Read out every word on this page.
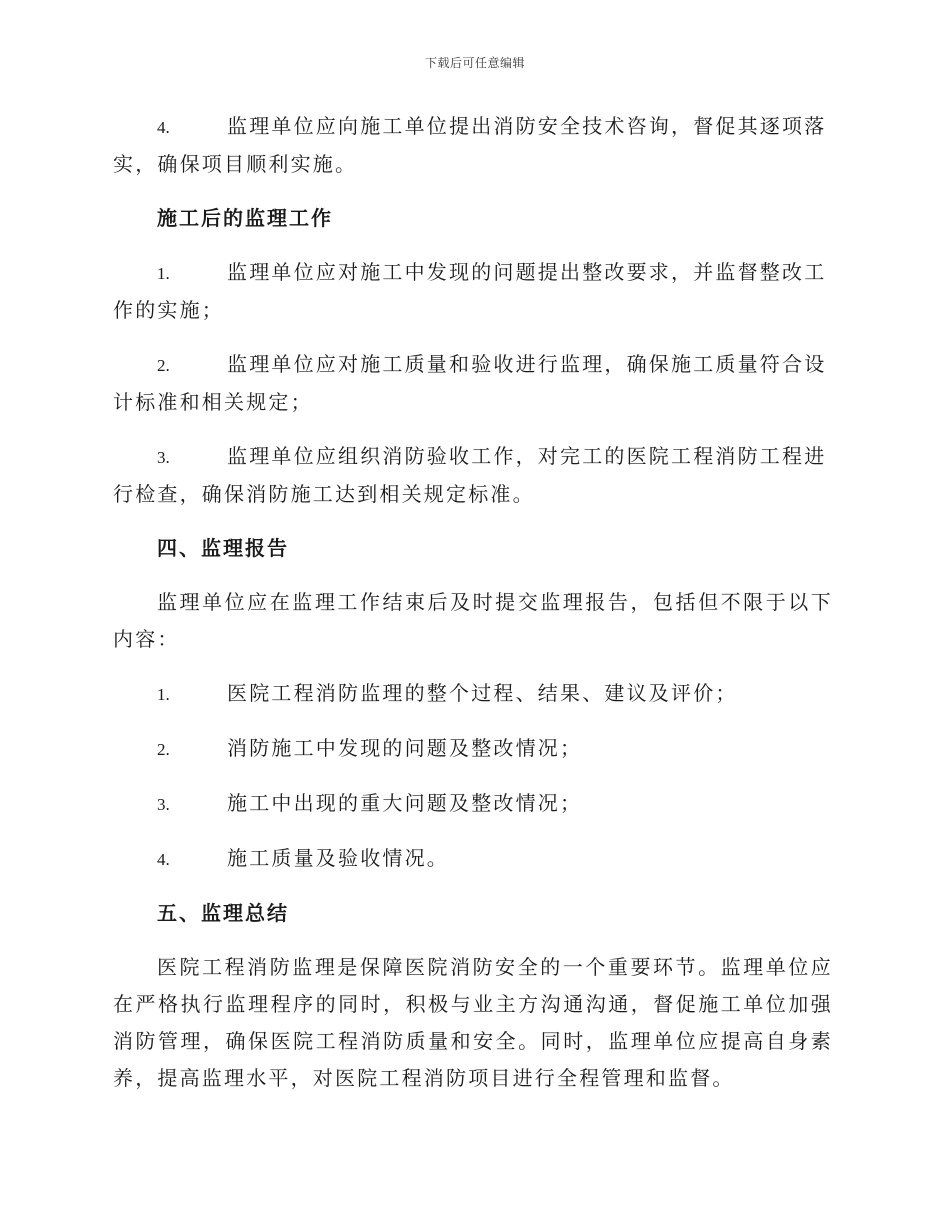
下载后可任意编辑

4.	监理单位应向施工单位提出消防安全技术咨询，督促其逐项落实，确保项目顺利实施。

施工后的监理工作

1.	监理单位应对施工中发现的问题提出整改要求，并监督整改工作的实施；

2.	监理单位应对施工质量和验收进行监理，确保施工质量符合设计标准和相关规定；

3.	监理单位应组织消防验收工作，对完工的医院工程消防工程进行检查，确保消防施工达到相关规定标准。

四、监理报告

监理单位应在监理工作结束后及时提交监理报告，包括但不限于以下内容：

1.	医院工程消防监理的整个过程、结果、建议及评价；

2.	消防施工中发现的问题及整改情况；

3.	施工中出现的重大问题及整改情况；

4.	施工质量及验收情况。

五、监理总结

医院工程消防监理是保障医院消防安全的一个重要环节。监理单位应在严格执行监理程序的同时，积极与业主方沟通沟通，督促施工单位加强消防管理，确保医院工程消防质量和安全。同时，监理单位应提高自身素养，提高监理水平，对医院工程消防项目进行全程管理和监督。
